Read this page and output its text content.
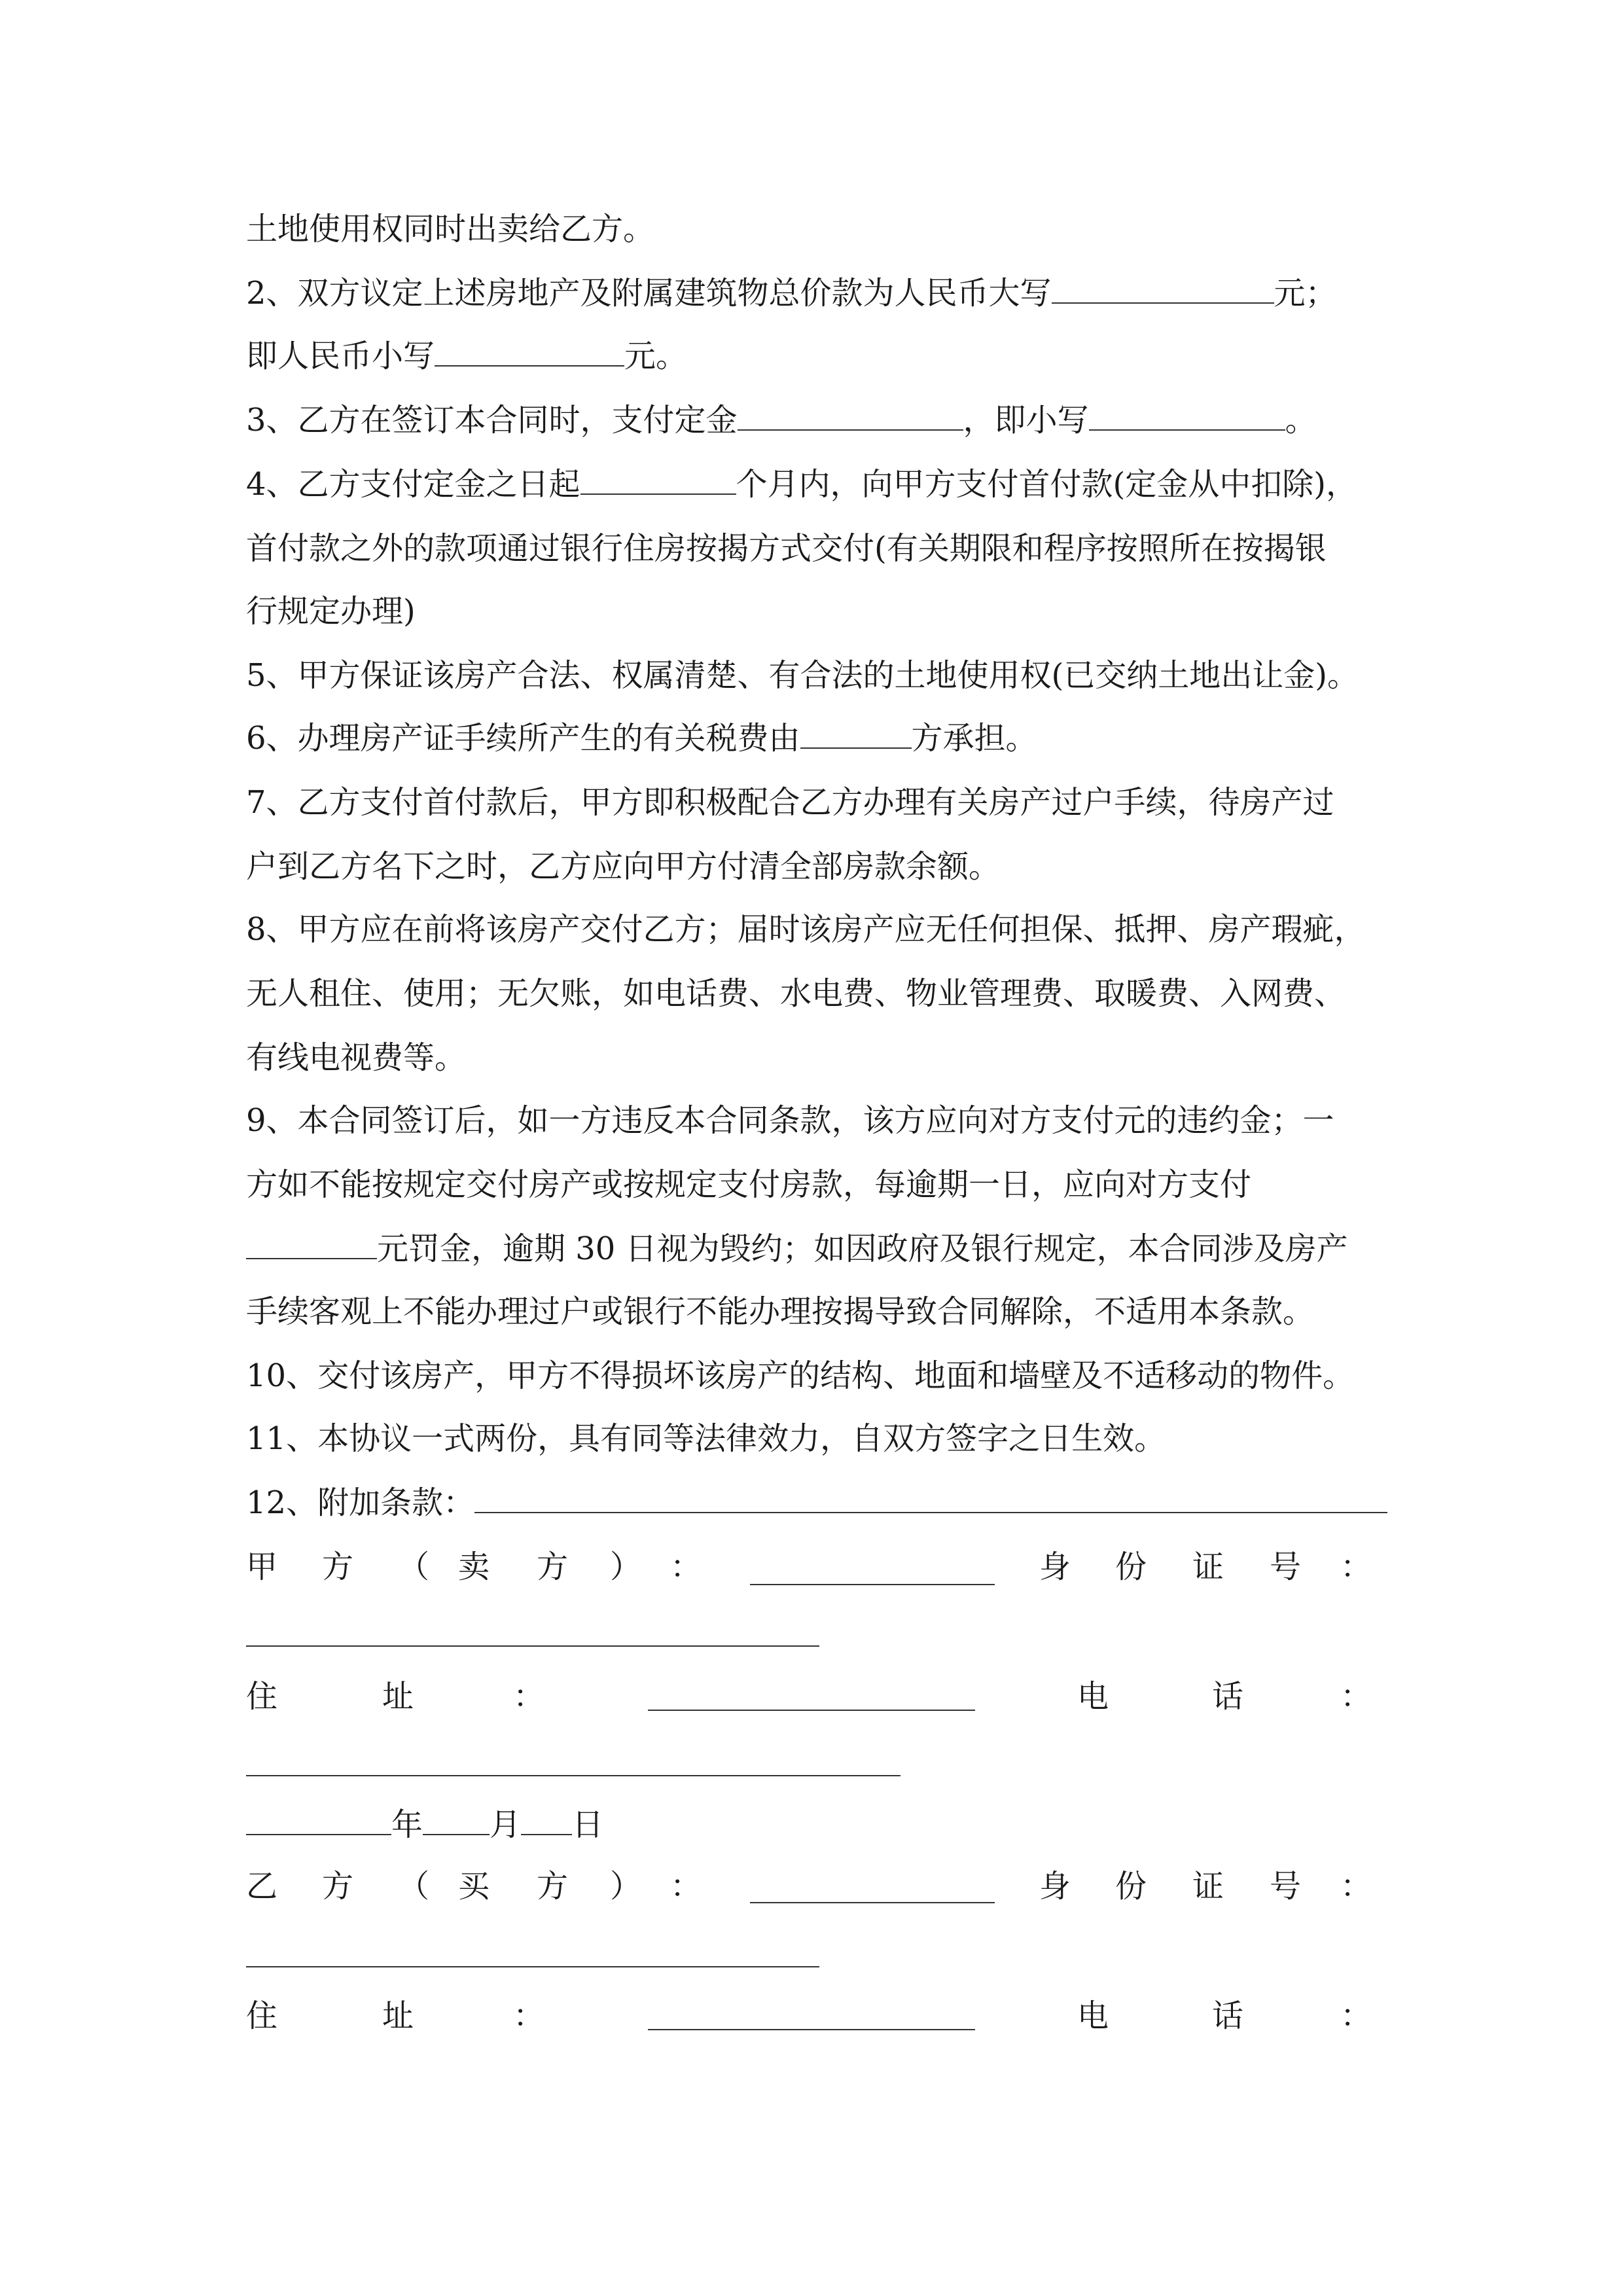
土地使用权同时出卖给乙方。
2、双方议定上述房地产及附属建筑物总价款为人民币大写	元；
即人民币小写	元。
3、乙方在签订本合同时，支付定金	，即小写	。
4、乙方支付定金之日起	个月内，向甲方支付首付款(定金从中扣除)，
首付款之外的款项通过银行住房按揭方式交付(有关期限和程序按照所在按揭银
行规定办理)
5、甲方保证该房产合法、权属清楚、有合法的土地使用权(已交纳土地出让金)。
6、办理房产证手续所产生的有关税费由	方承担。
7、乙方支付首付款后，甲方即积极配合乙方办理有关房产过户手续，待房产过
户到乙方名下之时，乙方应向甲方付清全部房款余额。
8、甲方应在前将该房产交付乙方；届时该房产应无任何担保、抵押、房产瑕疵，
无人租住、使用；无欠账，如电话费、水电费、物业管理费、取暖费、入网费、
有线电视费等。
9、本合同签订后，如一方违反本合同条款，该方应向对方支付元的违约金；一
方如不能按规定交付房产或按规定支付房款，每逾期一日，应向对方支付
元罚金，逾期 30 日视为毁约；如因政府及银行规定，本合同涉及房产
手续客观上不能办理过户或银行不能办理按揭导致合同解除，不适用本条款。
10、交付该房产，甲方不得损坏该房产的结构、地面和墙壁及不适移动的物件。
11、本协议一式两份，具有同等法律效力，自双方签字之日生效。
12、附加条款：
甲 方 （ 卖 方 ） ：	身 份 证 号 ：
住	址	：	电	话	：
年 月 日
乙 方 （ 买 方 ） ：	身 份 证 号 ：
住	址	：	电	话	：
